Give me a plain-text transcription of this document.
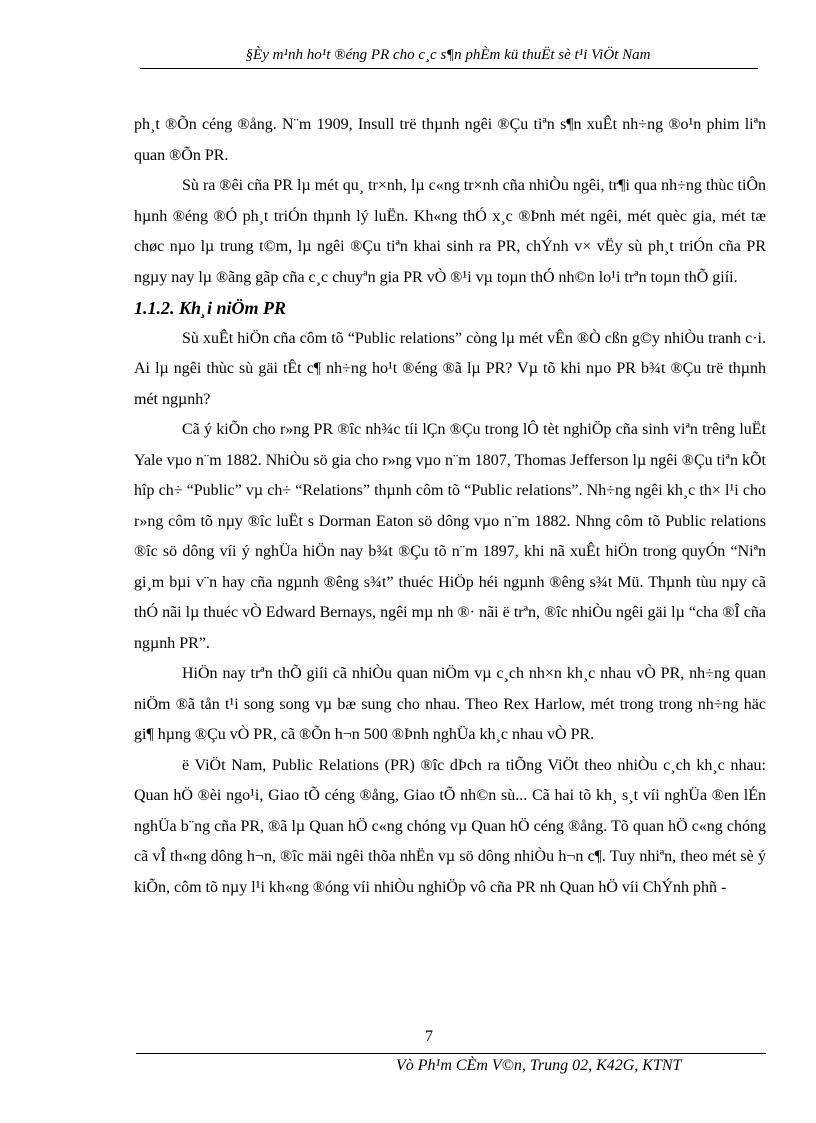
§Èy m¹nh ho¹t ®éng PR cho c¸c s¶n phÈm kü thuËt sè t¹i ViÖt Nam

ph¸t ®Õn céng ®ång. N¨m 1909, Insull trë thµnh ngêi ®Çu tiªn s¶n xuÊt nh÷ng ®o¹n phim liªn quan ®Õn PR.

Sù ra ®êi cña PR lµ mét qu¸ tr×nh, lµ c«ng tr×nh cña nhiÒu ngêi, tr¶i qua nh÷ng thùc tiÔn hµnh ®éng ®Ó ph¸t triÓn thµnh lý luËn. Kh«ng thÓ x¸c ®Þnh mét ngêi, mét quèc gia, mét tæ chøc nµo lµ trung t©m, lµ ngêi ®Çu tiªn khai sinh ra PR, chÝnh v× vËy sù ph¸t triÓn cña PR ngµy nay lµ ®ãng gãp cña c¸c chuyªn gia PR vÒ ®¹i vµ toµn thÓ nh©n lo¹i trªn toµn thÕ giíi.

1.1.2. Kh¸i niÖm PR

Sù xuÊt hiÖn cña côm tõ “Public relations” còng lµ mét vÊn ®Ò cßn g©y nhiÒu tranh c·i. Ai lµ ngêi thùc sù gäi tÊt c¶ nh÷ng ho¹t ®éng ®ã lµ PR? Vµ tõ khi nµo PR b¾t ®Çu trë thµnh mét ngµnh?

Cã ý kiÕn cho r»ng PR ®îc nh¾c tíi lÇn ®Çu trong lÔ tèt nghiÖp cña sinh viªn trêng luËt Yale vµo n¨m 1882. NhiÒu sö gia cho r»ng vµo n¨m 1807, Thomas Jefferson lµ ngêi ®Çu tiªn kÕt hîp ch÷ “Public” vµ ch÷ “Relations” thµnh côm tõ “Public relations”. Nh÷ng ngêi kh¸c th× l¹i cho r»ng côm tõ nµy ®îc luËt s Dorman Eaton sö dông vµo n¨m 1882. Nhng côm tõ Public relations ®îc sö dông víi ý nghÜa hiÖn nay b¾t ®Çu tõ n¨m 1897, khi nã xuÊt hiÖn trong quyÓn “Niªn gi¸m bµi v¨n hay cña ngµnh ®êng s¾t” thuéc HiÖp héi ngµnh ®êng s¾t Mü. Thµnh tùu nµy cã thÓ nãi lµ thuéc vÒ Edward Bernays, ngêi mµ nh ®· nãi ë trªn, ®îc nhiÒu ngêi gäi lµ “cha ®Î cña ngµnh PR”.

HiÖn nay trªn thÕ giíi cã nhiÒu quan niÖm vµ c¸ch nh×n kh¸c nhau vÒ PR, nh÷ng quan niÖm ®ã tån t¹i song song vµ bæ sung cho nhau. Theo Rex Harlow, mét trong trong nh÷ng häc gi¶ hµng ®Çu vÒ PR, cã ®Õn h¬n 500 ®Þnh nghÜa kh¸c nhau vÒ PR.

ë ViÖt Nam, Public Relations (PR) ®îc dÞch ra tiÕng ViÖt theo nhiÒu c¸ch kh¸c nhau: Quan hÖ ®èi ngo¹i, Giao tÕ céng ®ång, Giao tÕ nh©n sù... Cã hai tõ kh¸ s¸t víi nghÜa ®en lÉn nghÜa b¨ng cña PR, ®ã lµ Quan hÖ c«ng chóng vµ Quan hÖ céng ®ång. Tõ quan hÖ c«ng chóng cã vÎ th«ng dông h¬n, ®îc mäi ngêi thõa nhËn vµ sö dông nhiÒu h¬n c¶. Tuy nhiªn, theo mét sè ý kiÕn, côm tõ nµy l¹i kh«ng ®óng víi nhiÒu nghiÖp vô cña PR nh Quan hÖ víi ChÝnh phñ -

7
Vò Ph¹m CÈm V©n, Trung 02, K42G, KTNT
